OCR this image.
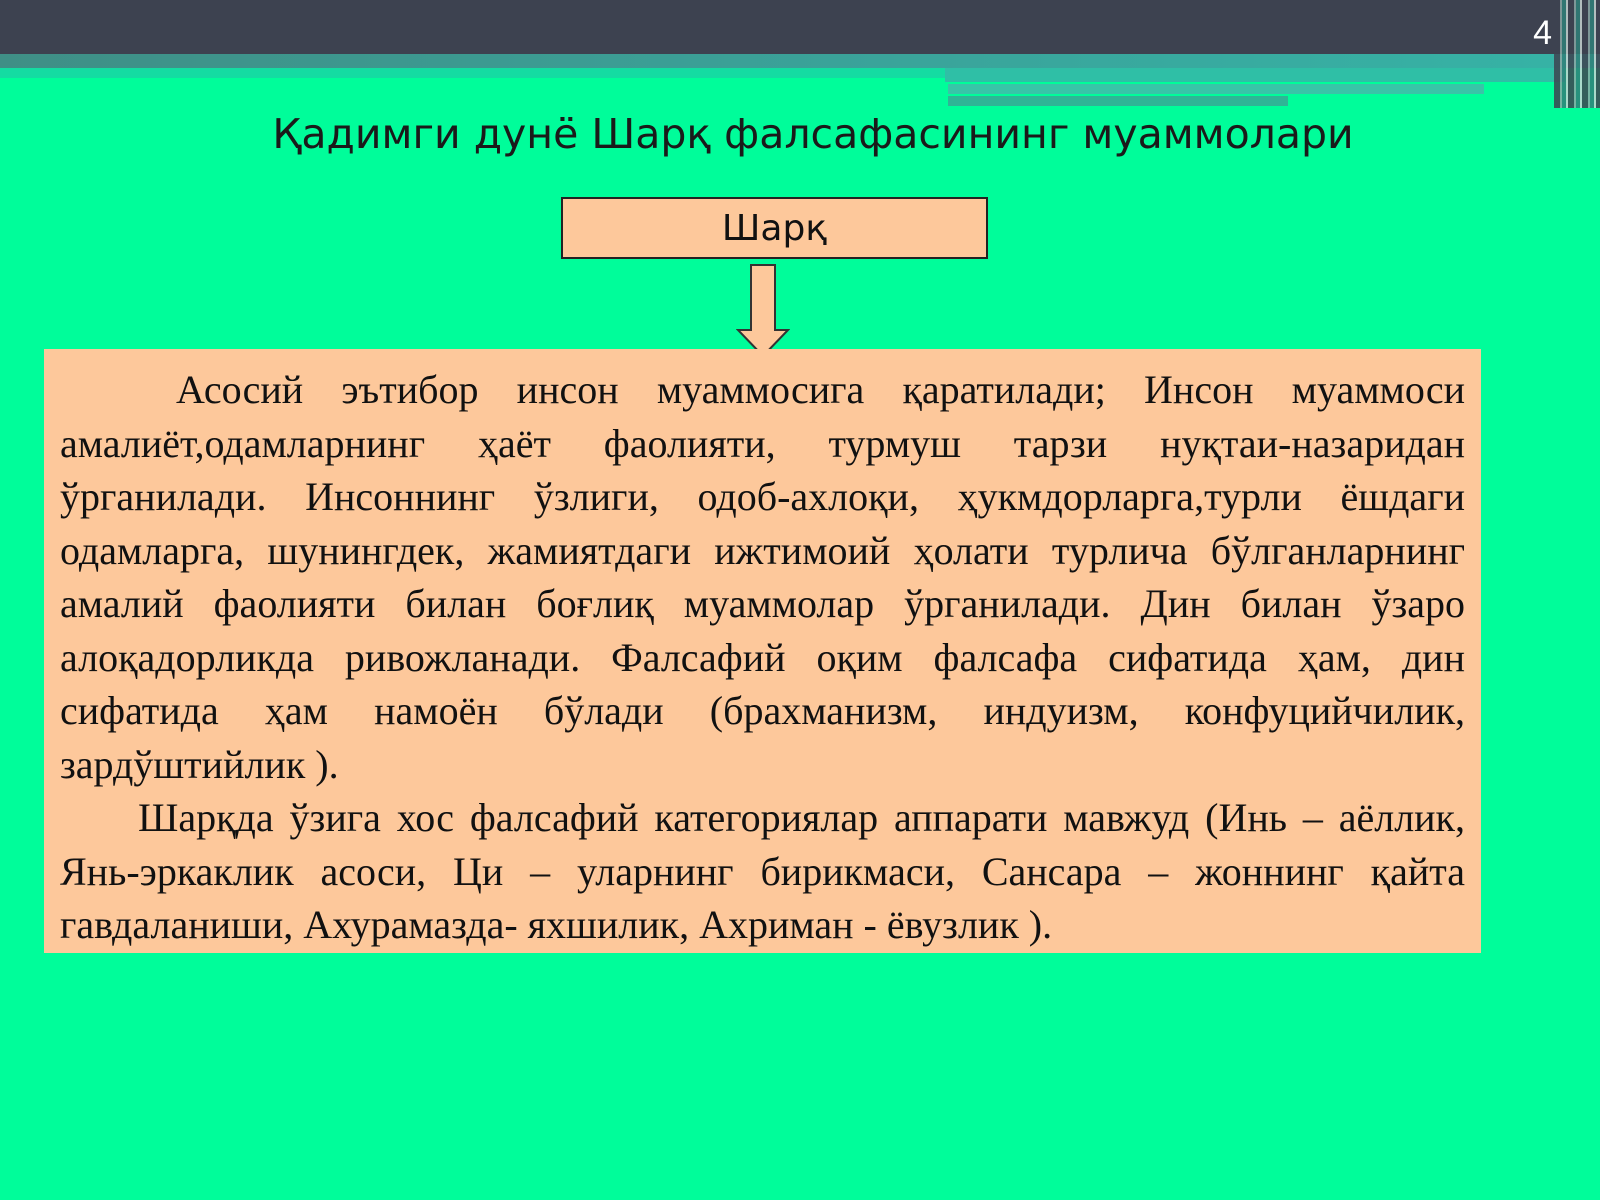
4
Қадимги дунё Шарқ фалсафасининг муаммолари
Шарқ

Асосий эътибор инсон муаммосига қаратилади; Инсон муаммоси амалиёт,одамларнинг ҳаёт фаолияти, турмуш тарзи нуқтаи-назаридан ўрганилади. Инсоннинг ўзлиги, одоб-ахлоқи, ҳукмдорларга,турли ёшдаги одамларга, шунингдек, жамиятдаги ижтимоий ҳолати турлича бўлганларнинг амалий фаолияти билан боғлиқ муаммолар ўрганилади. Дин билан ўзаро алоқадорликда ривожланади. Фалсафий оқим фалсафа сифатида ҳам, дин сифатида ҳам намоён бўлади (брахманизм, индуизм, конфуцийчилик, зардўштийлик ).

Шарқда ўзига хос фалсафий категориялар аппарати мавжуд (Инь – аёллик, Янь-эркаклик асоси, Ци – уларнинг бирикмаси, Сансара – жоннинг қайта гавдаланиши, Ахурамазда- яхшилик, Ахриман - ёвузлик ).
